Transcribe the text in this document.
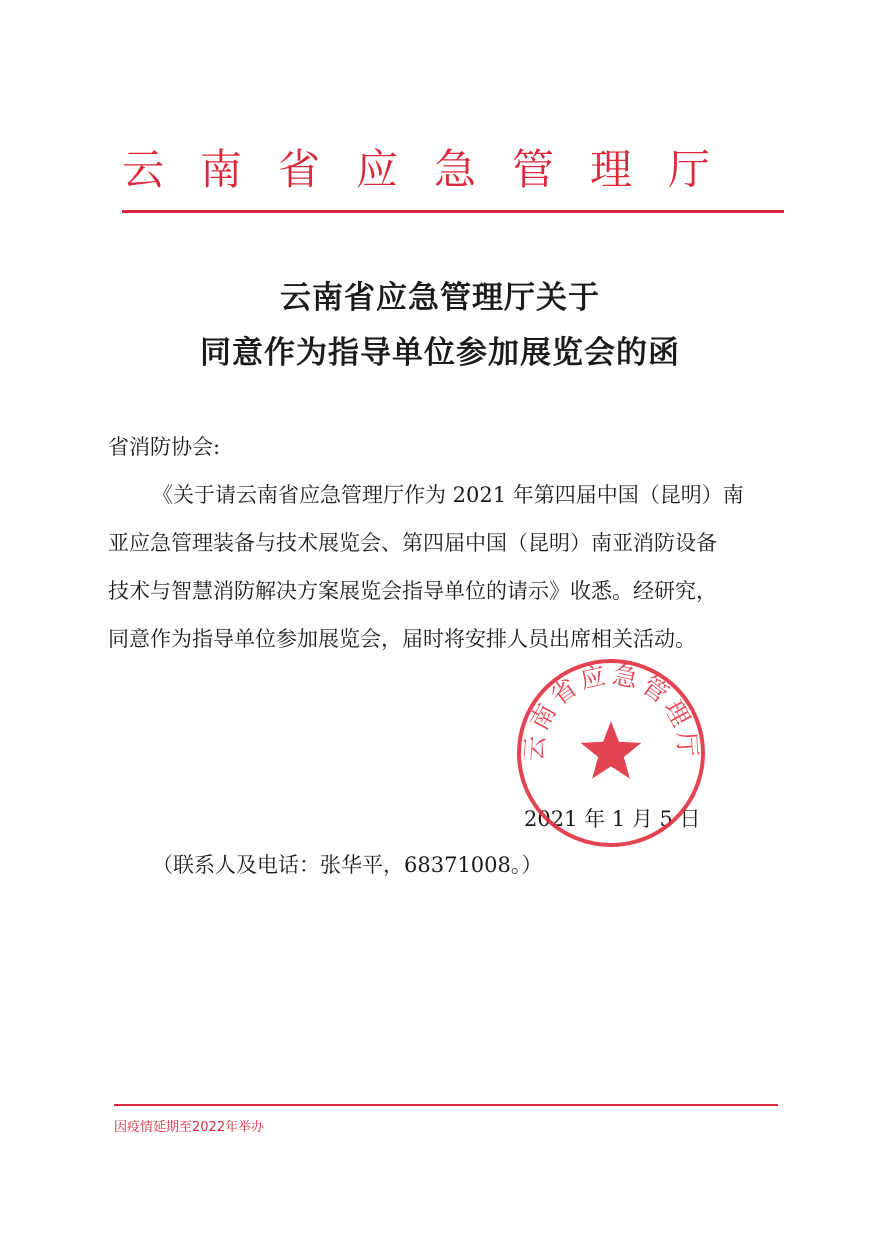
云南省应急管理厅
云南省应急管理厅关于
同意作为指导单位参加展览会的函
省消防协会:
《关于请云南省应急管理厅作为 2021 年第四届中国（昆明）南
亚应急管理装备与技术展览会、第四届中国（昆明）南亚消防设备
技术与智慧消防解决方案展览会指导单位的请示》收悉。经研究，
同意作为指导单位参加展览会，届时将安排人员出席相关活动。
2021 年 1 月 5 日
云南省应急管理厅
（联系人及电话：张华平，68371008。）
因疫情延期至2022年举办
